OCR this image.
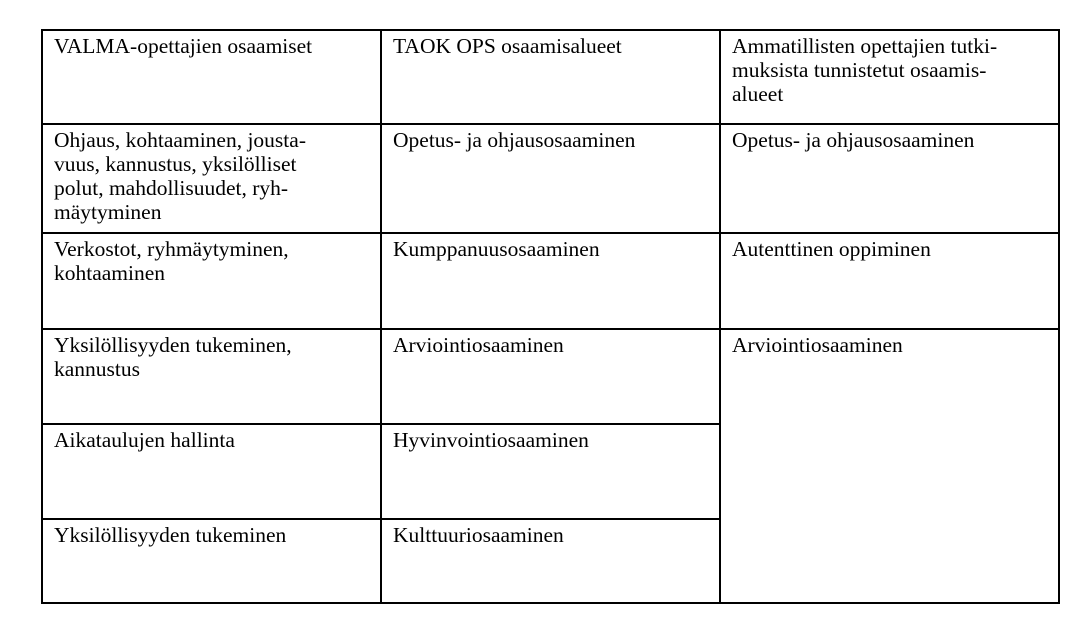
VALMA-opettajien osaamiset	TAOK OPS osaamisalueet	Ammatillisten opettajien tutki-
muksista tunnistetut osaamis-
alueet

Ohjaus, kohtaaminen, jousta-
vuus, kannustus, yksilölliset
polut, mahdollisuudet, ryh-
mäytyminen	Opetus- ja ohjausosaaminen	Opetus- ja ohjausosaaminen

Verkostot, ryhmäytyminen,
kohtaaminen	Kumppanuusosaaminen	Autenttinen oppiminen

Yksilöllisyyden tukeminen,
kannustus	Arviointiosaaminen	Arviointiosaaminen

Aikataulujen hallinta	Hyvinvointiosaaminen	

Yksilöllisyyden tukeminen	Kulttuuriosaaminen	
